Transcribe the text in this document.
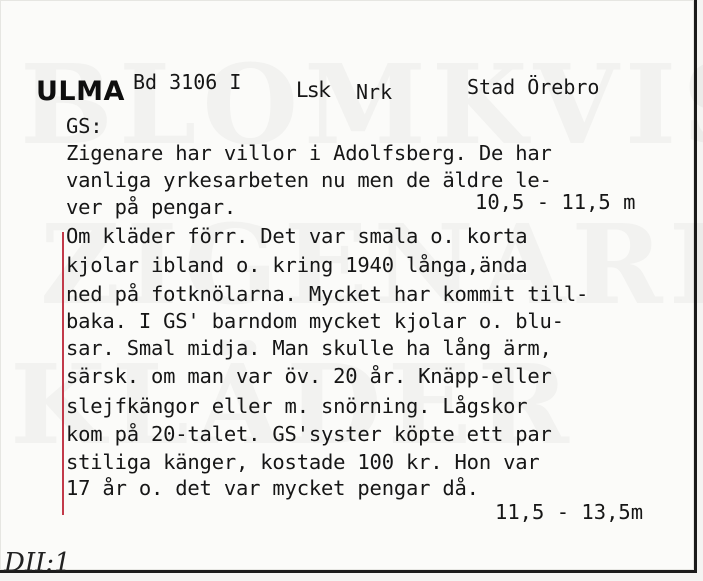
ULMA Bd 3106 I	Lsk Nrk	Stad Örebro
GS:
Zigenare har villor i Adolfsberg. De har
vanliga yrkesarbeten nu men de äldre le-
ver på pengar.	10,5 - 11,5 m
Om kläder förr. Det var smala o. korta
kjolar ibland o. kring 1940 långa,ända
ned på fotknölarna. Mycket har kommit till-
baka. I GS' barndom mycket kjolar o. blu-
sar. Smal midja. Man skulle ha lång ärm,
särsk. om man var öv. 20 år. Knäpp-eller
slejfkängor eller m. snörning. Lågskor
kom på 20-talet. GS'syster köpte ett par
stiliga känger, kostade 100 kr. Hon var
17 år o. det var mycket pengar då.
11,5 - 13,5m
DII:1
